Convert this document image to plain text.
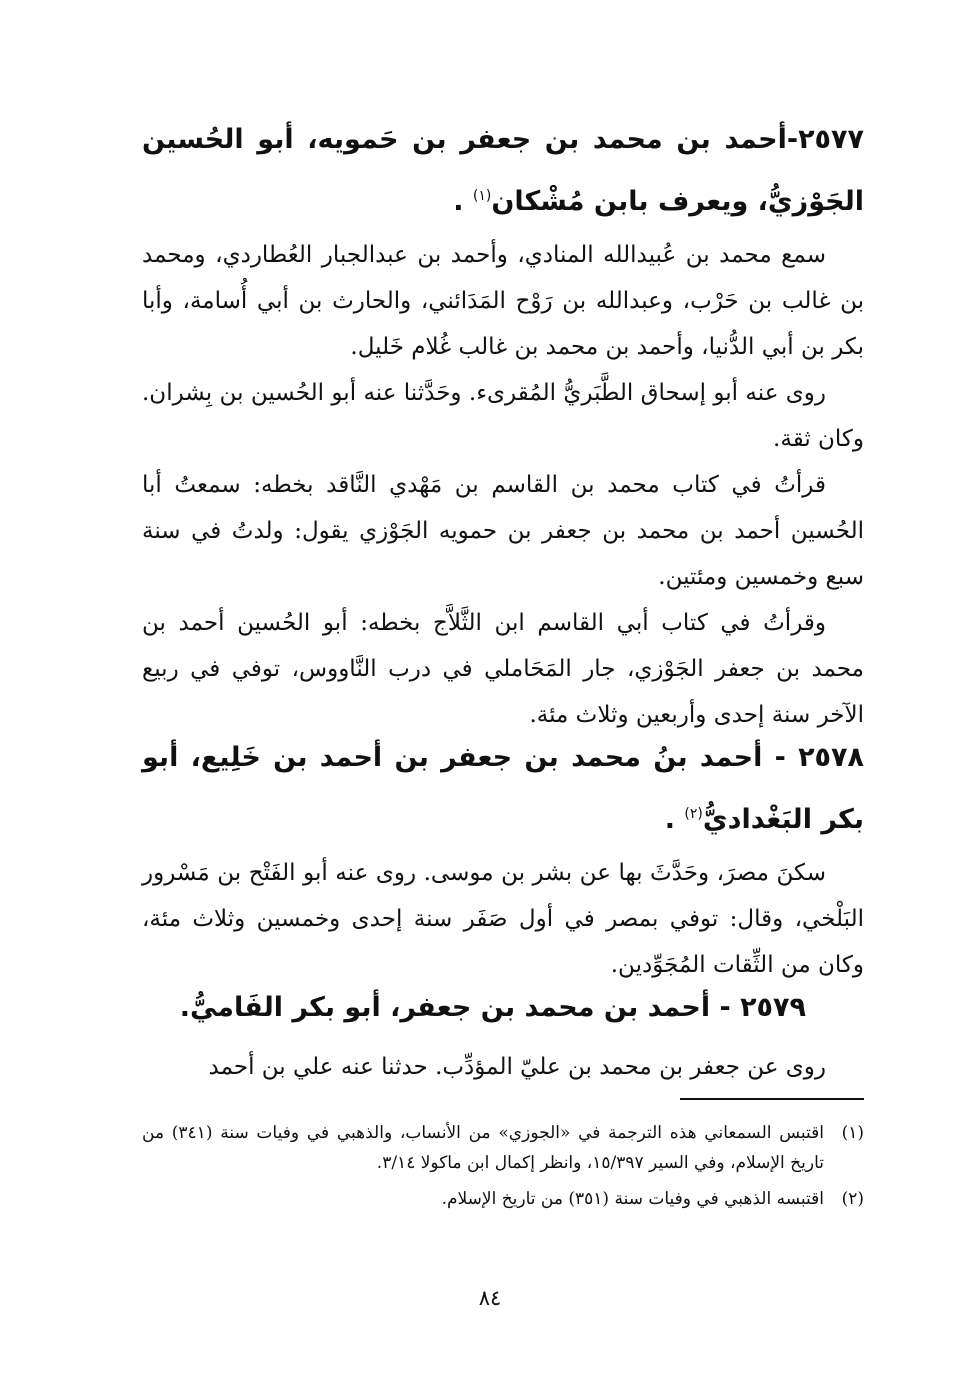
٢٥٧٧-أحمد بن محمد بن جعفر بن حَمويه، أبو الحُسين الجَوْزيُّ، ويعرف بابن مُشْكان$^{(١)}$ .
سمع محمد بن عُبيدالله المنادي، وأحمد بن عبدالجبار العُطاردي، ومحمد بن غالب بن حَرْب، وعبدالله بن رَوْح المَدَائني، والحارث بن أبي أُسامة، وأبا بكر بن أبي الدُّنيا، وأحمد بن محمد بن غالب غُلام خَليل.
روى عنه أبو إسحاق الطَّبَريُّ المُقرىء. وحَدَّثنا عنه أبو الحُسين بن بِشران. وكان ثقة.
قرأتُ في كتاب محمد بن القاسم بن مَهْدي النَّاقد بخطه: سمعتُ أبا الحُسين أحمد بن محمد بن جعفر بن حمويه الجَوْزي يقول: ولدتُ في سنة سبع وخمسين ومئتين.
وقرأتُ في كتاب أبي القاسم ابن الثَّلاَّج بخطه: أبو الحُسين أحمد بن محمد بن جعفر الجَوْزي، جار المَحَاملي في درب النَّاووس، توفي في ربيع الآخر سنة إحدى وأربعين وثلاث مئة.
٢٥٧٨ - أحمد بنُ محمد بن جعفر بن أحمد بن خَلِيع، أبو بكر البَغْداديُّ$^{(٢)}$ .
سكنَ مصرَ، وحَدَّثَ بها عن بشر بن موسى. روى عنه أبو الفَتْح بن مَسْرور البَلْخي، وقال: توفي بمصر في أول صَفَر سنة إحدى وخمسين وثلاث مئة، وكان من الثِّقات المُجَوِّدين.
٢٥٧٩ - أحمد بن محمد بن جعفر، أبو بكر الفَاميُّ.
روى عن جعفر بن محمد بن عليّ المؤدِّب. حدثنا عنه علي بن أحمد
(١)
اقتبس السمعاني هذه الترجمة في «الجوزي» من الأنساب، والذهبي في وفيات سنة (٣٤١) من تاريخ الإسلام، وفي السير ١٥/٣٩٧، وانظر إكمال ابن ماكولا ٣/١٤.
(٢)
اقتبسه الذهبي في وفيات سنة (٣٥١) من تاريخ الإسلام.
٨٤
